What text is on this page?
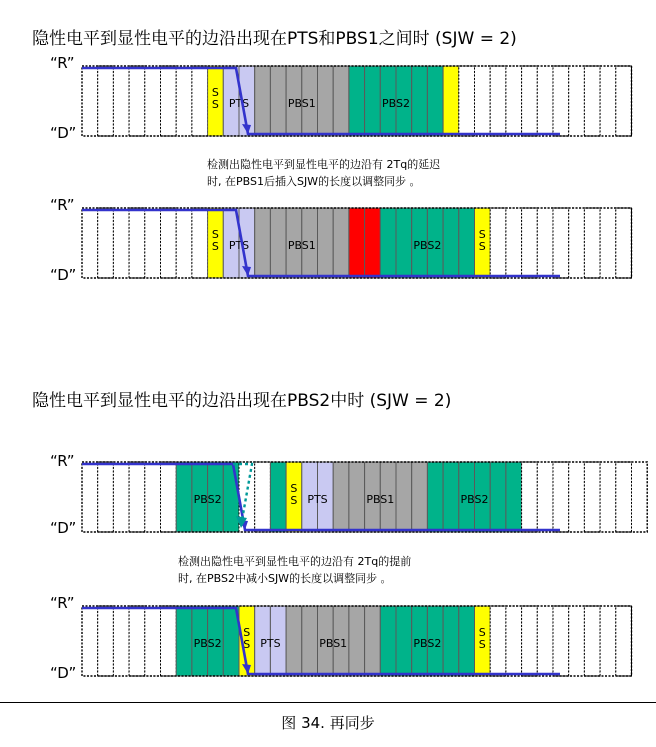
隐性电平到显性电平的边沿出现在PTS和PBS1之间时 (SJW = 2)
隐性电平到显性电平的边沿出现在PBS2中时 (SJW = 2)
检测出隐性电平到显性电平的边沿有 2Tq的延迟
时, 在PBS1后插入SJW的长度以调整同步 。
检测出隐性电平到显性电平的边沿有 2Tq的提前
时, 在PBS2中减小SJW的长度以调整同步 。
“R”
“D”
“R”
“D”
“R”
“D”
“R”
“D”
S
S PTS	PBS1	PBS2
S
S PTS	PBS1	PBS2
S
S
PBS2
S
S PTS	PBS1	PBS2
PBS2
S
S PTS	PBS1	PBS2
S
S
图 34. 再同步
